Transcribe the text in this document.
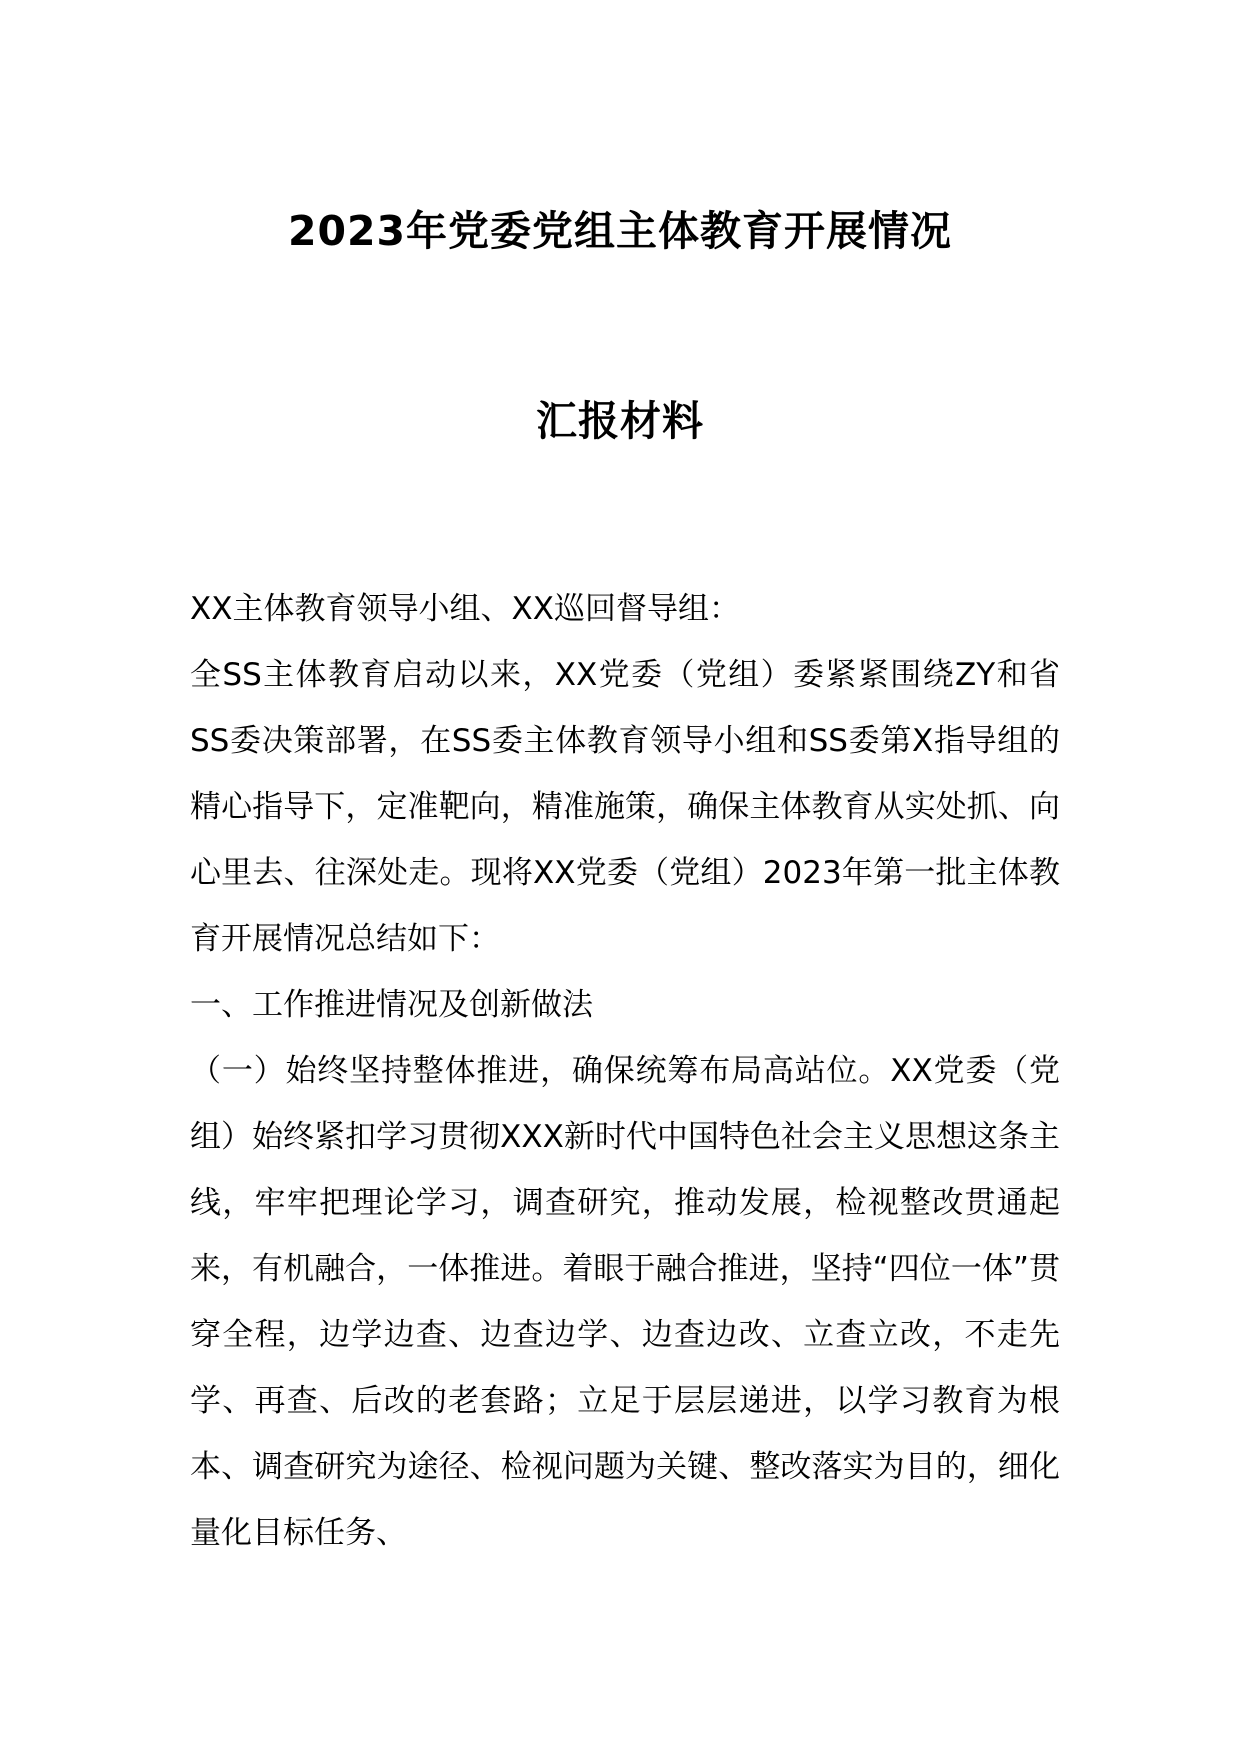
2023年党委党组主体教育开展情况
汇报材料

XX主体教育领导小组、XX巡回督导组：

全SS主体教育启动以来，XX党委（党组）委紧紧围绕ZY和省SS委决策部署，在SS委主体教育领导小组和SS委第X指导组的精心指导下，定准靶向，精准施策，确保主体教育从实处抓、向心里去、往深处走。现将XX党委（党组）2023年第一批主体教育开展情况总结如下：

一、工作推进情况及创新做法

（一）始终坚持整体推进，确保统筹布局高站位。XX党委（党组）始终紧扣学习贯彻XXX新时代中国特色社会主义思想这条主线，牢牢把理论学习，调查研究，推动发展，检视整改贯通起来，有机融合，一体推进。着眼于融合推进，坚持“四位一体”贯穿全程，边学边查、边查边学、边查边改、立查立改，不走先学、再查、后改的老套路；立足于层层递进，以学习教育为根本、调查研究为途径、检视问题为关键、整改落实为目的，细化量化目标任务、
